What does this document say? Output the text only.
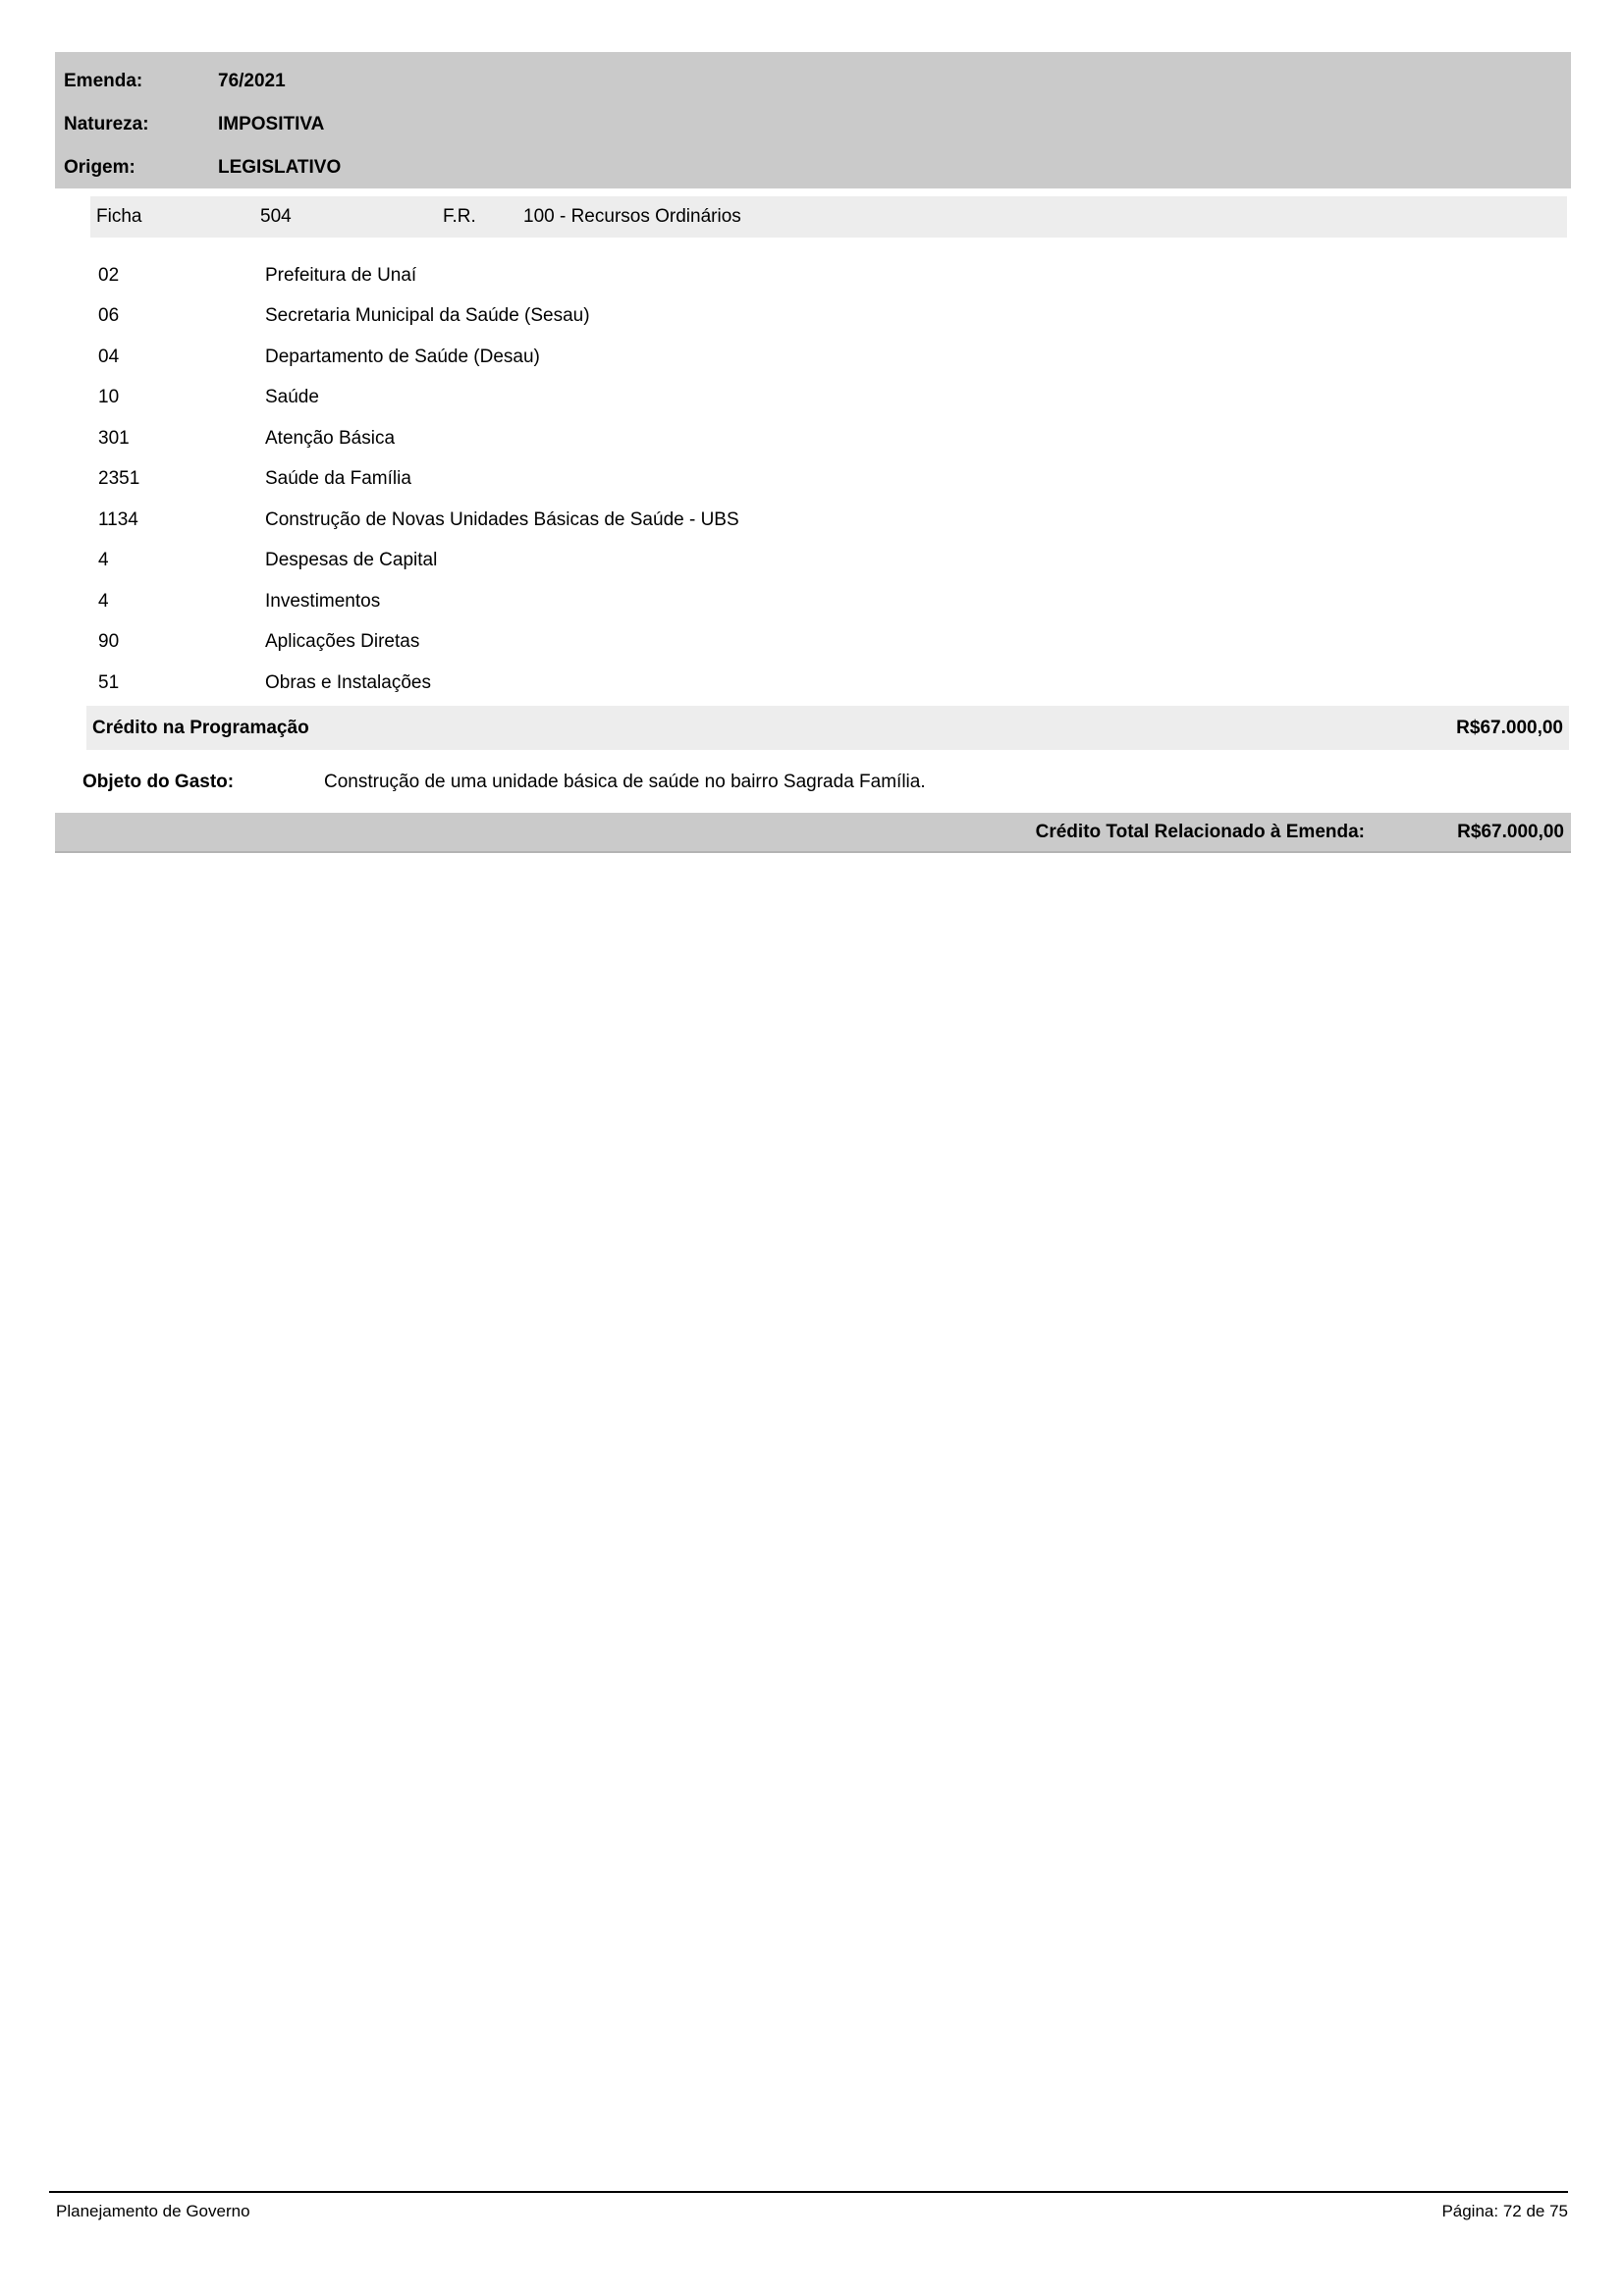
Emenda:	76/2021
Natureza:	IMPOSITIVA
Origem:	LEGISLATIVO
Ficha	504	F.R.	100 - Recursos Ordinários
02	Prefeitura de Unaí
06	Secretaria Municipal da Saúde (Sesau)
04	Departamento de Saúde (Desau)
10	Saúde
301	Atenção Básica
2351	Saúde da Família
1134	Construção de Novas Unidades Básicas de Saúde - UBS
4	Despesas de Capital
4	Investimentos
90	Aplicações Diretas
51	Obras e Instalações
Crédito na Programação	R$67.000,00
Objeto do Gasto:	Construção de uma unidade básica de saúde no bairro Sagrada Família.
Crédito Total Relacionado à Emenda:	R$67.000,00
Planejamento de Governo	Página: 72 de 75
